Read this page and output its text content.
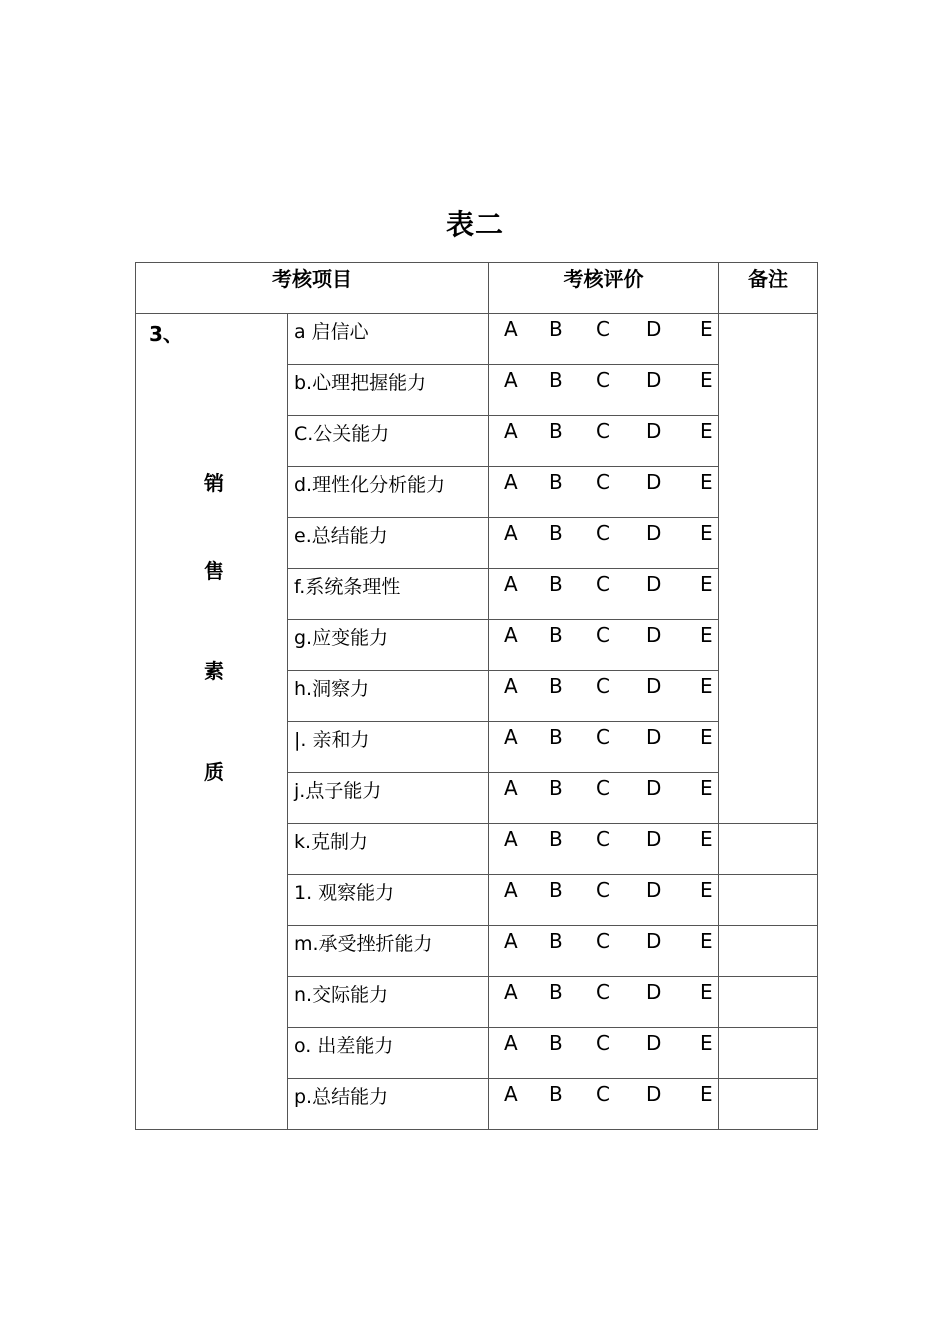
表二
考核项目		考核评价	备注

3、
销
售
素
质	a 启信心	A B C D E	

	b.心理把握能力	A B C D E	

	C.公关能力	A B C D E	

	d.理性化分析能力	A B C D E	

	e.总结能力	A B C D E	

	f.系统条理性	A B C D E	

	g.应变能力	A B C D E	

	h.洞察力	A B C D E	

	|. 亲和力	A B C D E	

	j.点子能力	A B C D E	

	k.克制力	A B C D E	

	1. 观察能力	A B C D E	

	m.承受挫折能力	A B C D E	

	n.交际能力	A B C D E	

	o. 出差能力	A B C D E	

	p.总结能力	A B C D E	
